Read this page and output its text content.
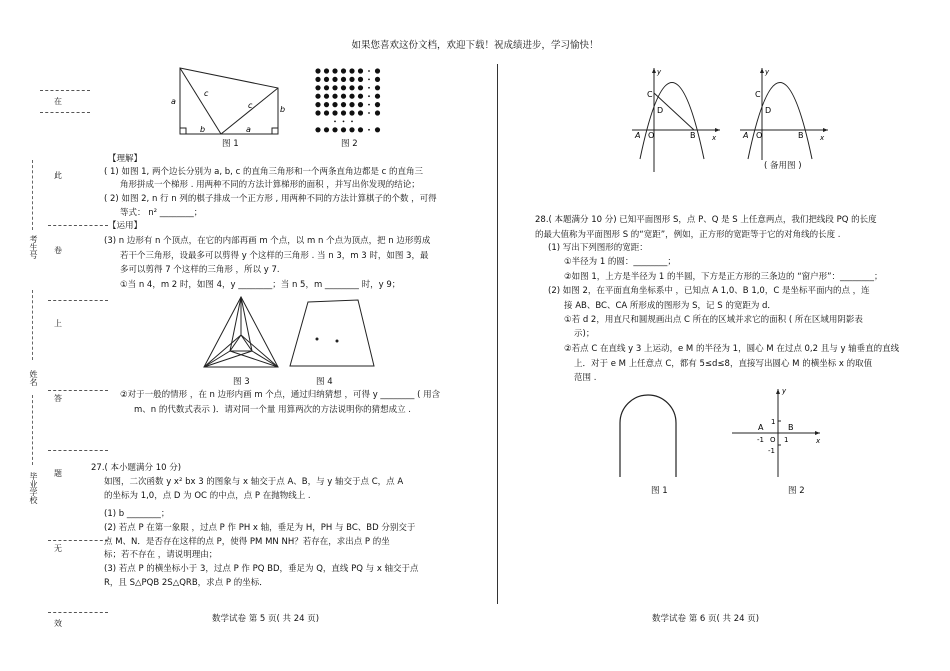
如果您喜欢这份文档，欢迎下载！祝成绩进步，学习愉快！
在
此
卷
上
答
题
无
效
考生号
姓名
毕业学校
a
c
c	b
b	a
图 1	图 2
【理解】
( 1) 如图 1, 两个边长分别为 a, b, c 的直角三角形和一个两条直角边都是 c 的直角三
角形拼成一个梯形 . 用两种不同的方法计算梯形的面积 ，并写出你发现的结论；
( 2) 如图 2, n 行 n 列的棋子排成一个正方形 , 用两种不同的方法计算棋子的个数 ，可得
等式： n² ________；
【运用】
(3) n 边形有 n 个顶点，在它的内部再画 m 个点，以 m n 个点为顶点，把 n 边形剪成
若干个三角形，设最多可以剪得 y 个这样的三角形 . 当 n 3，m 3 时，如图 3，最
多可以剪得 7 个这样的三角形 ，所以 y 7.
①当 n 4，m 2 时，如图 4，y ________；当 n 5，m ________ 时，y 9；
图 3	图 4
②对于一般的情形 ，在 n 边形内画 m 个点，通过归纳猜想 ，可得 y ________ ( 用含
m、n 的代数式表示 )．请对同一个量 用算两次的方法说明你的猜想成立 .
27.( 本小题满分 10 分)
如图，二次函数 y x² bx 3 的图象与 x 轴交于点 A、B，与 y 轴交于点 C，点 A
的坐标为 1,0，点 D 为 OC 的中点，点 P 在抛物线上 .
(1) b ________；
(2) 若点 P 在第一象限 ，过点 P 作 PH x 轴，垂足为 H，PH 与 BC、BD 分别交于
点 M、N．是否存在这样的点 P，使得 PM MN NH？若存在，求出点 P 的坐
标；若不存在 ，请说明理由；
(3) 若点 P 的横坐标小于 3，过点 P 作 PQ BD，垂足为 Q，直线 PQ 与 x 轴交于点
R，且 S△PQB 2S△QRB，求点 P 的坐标．
数学试卷 第 5 页( 共 24 页)
y
x
C
D
A O	B
y
x
C
D
A O	B
( 备用图 )
28.( 本题满分 10 分) 已知平面图形 S，点 P、Q 是 S 上任意两点，我们把线段 PQ 的长度
的最大值称为平面图形 S 的“宽距”，例如，正方形的宽距等于它的对角线的长度 .
(1) 写出下列图形的宽距：
①半径为 1 的圆：________；
②如图 1，上方是半径为 1 的半圆，下方是正方形的三条边的 “窗户形”：________；
(2) 如图 2，在平面直角坐标系中 ，已知点 A 1,0、B 1,0，C 是坐标平面内的点 ，连
接 AB、BC、CA 所形成的图形为 S，记 S 的宽距为 d．
①若 d 2，用直尺和圆规画出点 C 所在的区域并求它的面积 ( 所在区域用阴影表
示)；
②若点 C 在直线 y 3 上运动，e M 的半径为 1，圆心 M 在过点 0,2 且与 y 轴垂直的直线
上．对于 e M 上任意点 C，都有 5≤d≤8，直接写出圆心 M 的横坐标 x 的取值
范围 .
图 1
y
x
A	B
1
1
-1 O
-1
图 2
数学试卷 第 6 页( 共 24 页)
